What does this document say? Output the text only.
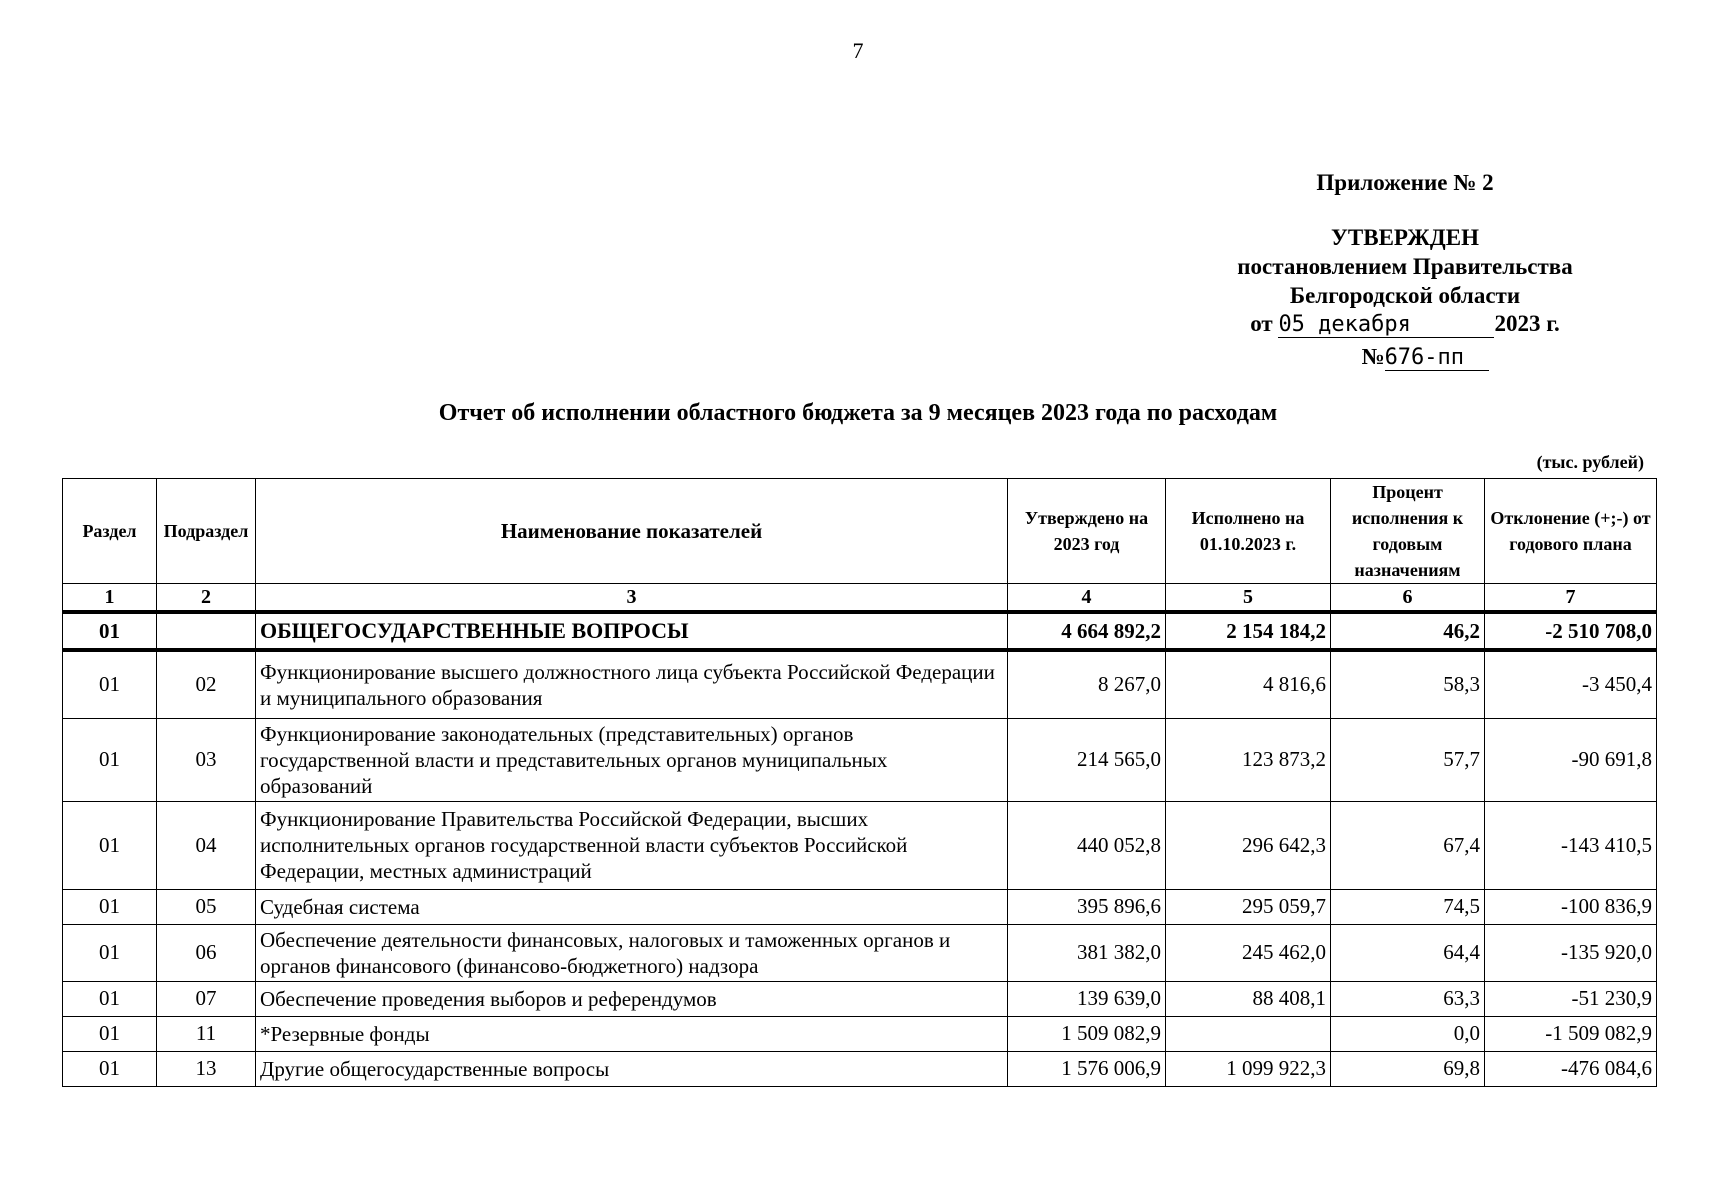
7
Приложение № 2
УТВЕРЖДЕН
постановлением Правительства
Белгородской области
от 05 декабря	2023 г.
№676-пп
Отчет об исполнении областного бюджета за 9 месяцев 2023 года по расходам
(тыс. рублей)
Раздел	Подраздел	Наименование показателей	Утверждено на 2023 год	Исполнено на 01.10.2023 г.	Процент исполнения к годовым назначениям	Отклонение (+;-) от годового плана
1	2	3	4	5	6	7
01		ОБЩЕГОСУДАРСТВЕННЫЕ ВОПРОСЫ	4 664 892,2	2 154 184,2	46,2	-2 510 708,0
01	02	Функционирование высшего должностного лица субъекта Российской Федерации и муниципального образования	8 267,0	4 816,6	58,3	-3 450,4
01	03	Функционирование законодательных (представительных) органов государственной власти и представительных органов муниципальных образований	214 565,0	123 873,2	57,7	-90 691,8
01	04	Функционирование Правительства Российской Федерации, высших исполнительных органов государственной власти субъектов Российской Федерации, местных администраций	440 052,8	296 642,3	67,4	-143 410,5
01	05	Судебная система	395 896,6	295 059,7	74,5	-100 836,9
01	06	Обеспечение деятельности финансовых, налоговых и таможенных органов и органов финансового (финансово-бюджетного) надзора	381 382,0	245 462,0	64,4	-135 920,0
01	07	Обеспечение проведения выборов и референдумов	139 639,0	88 408,1	63,3	-51 230,9
01	11	*Резервные фонды	1 509 082,9		0,0	-1 509 082,9
01	13	Другие общегосударственные вопросы	1 576 006,9	1 099 922,3	69,8	-476 084,6
